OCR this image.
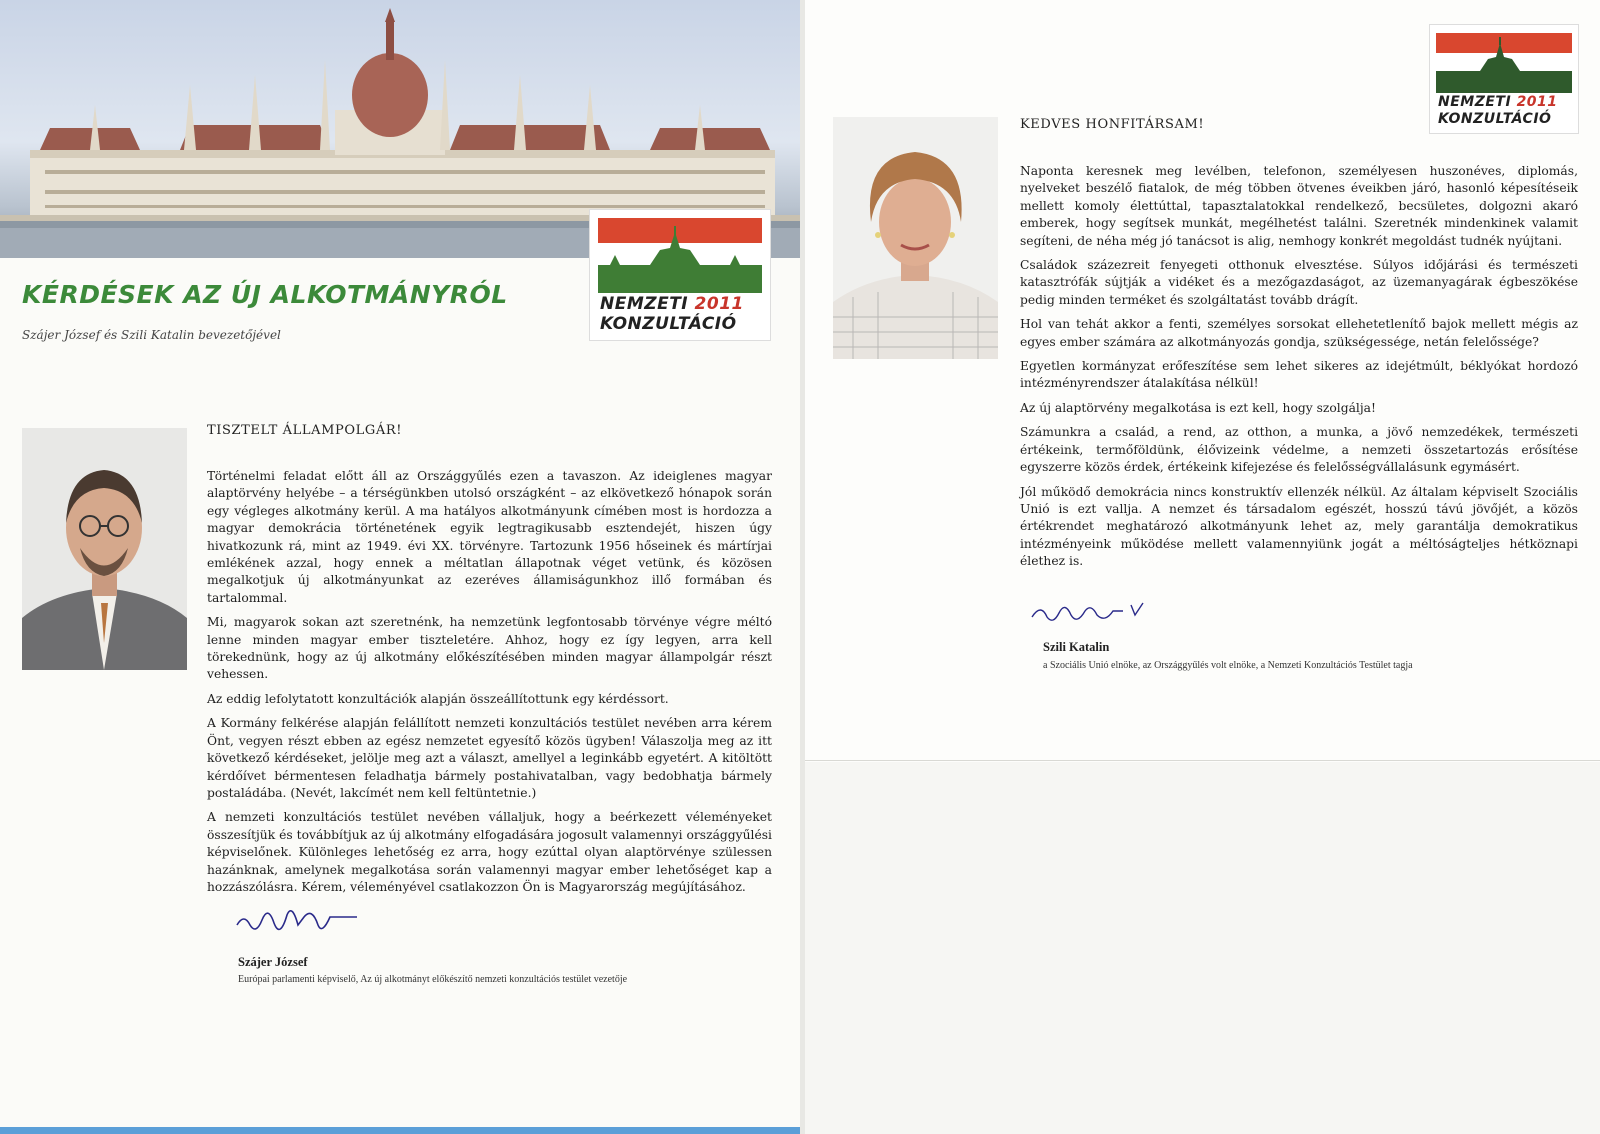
NEMZETI 2011
KONZULTÁCIÓ
KÉRDÉSEK AZ ÚJ ALKOTMÁNYRÓL
Szájer József és Szili Katalin bevezetőjével
TISZTELT ÁLLAMPOLGÁR!

Történelmi feladat előtt áll az Országgyűlés ezen a tavaszon. Az ideiglenes magyar alaptörvény helyébe – a térségünkben utolsó országként – az elkövetkező hónapok során egy végleges alkotmány kerül. A ma hatályos alkotmányunk címében most is hordozza a magyar demokrácia történetének egyik legtragikusabb esztendejét, hiszen úgy hivatkozunk rá, mint az 1949. évi XX. törvényre. Tartozunk 1956 hőseinek és mártírjai emlékének azzal, hogy ennek a méltatlan állapotnak véget vetünk, és közösen megalkotjuk új alkotmányunkat az ezeréves államiságunkhoz illő formában és tartalommal.

Mi, magyarok sokan azt szeretnénk, ha nemzetünk legfontosabb törvénye végre méltó lenne minden magyar ember tiszteletére. Ahhoz, hogy ez így legyen, arra kell törekednünk, hogy az új alkotmány előkészítésében minden magyar állampolgár részt vehessen.

Az eddig lefolytatott konzultációk alapján összeállítottunk egy kérdéssort.

A Kormány felkérése alapján felállított nemzeti konzultációs testület nevében arra kérem Önt, vegyen részt ebben az egész nemzetet egyesítő közös ügyben! Válaszolja meg az itt következő kérdéseket, jelölje meg azt a választ, amellyel a leginkább egyetért. A kitöltött kérdőívet bérmentesen feladhatja bármely postahivatalban, vagy bedobhatja bármely postaládába. (Nevét, lakcímét nem kell feltüntetnie.)

A nemzeti konzultációs testület nevében vállaljuk, hogy a beérkezett véleményeket összesítjük és továbbítjuk az új alkotmány elfogadására jogosult valamennyi országgyűlési képviselőnek. Különleges lehetőség ez arra, hogy ezúttal olyan alaptörvénye szülessen hazánknak, amelynek megalkotása során valamennyi magyar ember lehetőséget kap a hozzászólásra. Kérem, véleményével csatlakozzon Ön is Magyarország megújításához.

Szájer József
Európai parlamenti képviselő, Az új alkotmányt előkészítő nemzeti konzultációs testület vezetője
NEMZETI 2011
KONZULTÁCIÓ
KEDVES HONFITÁRSAM!

Naponta keresnek meg levélben, telefonon, személyesen huszonéves, diplomás, nyelveket beszélő fiatalok, de még többen ötvenes éveikben járó, hasonló képesítéseik mellett komoly élettúttal, tapasztalatokkal rendelkező, becsületes, dolgozni akaró emberek, hogy segítsek munkát, megélhetést találni. Szeretnék mindenkinek valamit segíteni, de néha még jó tanácsot is alig, nemhogy konkrét megoldást tudnék nyújtani.

Családok százezreit fenyegeti otthonuk elvesztése. Súlyos időjárási és természeti katasztrófák sújtják a vidéket és a mezőgazdaságot, az üzemanyagárak égbeszökése pedig minden terméket és szolgáltatást tovább drágít.

Hol van tehát akkor a fenti, személyes sorsokat ellehetetlenítő bajok mellett mégis az egyes ember számára az alkotmányozás gondja, szükségessége, netán felelőssége?

Egyetlen kormányzat erőfeszítése sem lehet sikeres az idejétmúlt, béklyókat hordozó intézményrendszer átalakítása nélkül!

Az új alaptörvény megalkotása is ezt kell, hogy szolgálja!

Számunkra a család, a rend, az otthon, a munka, a jövő nemzedékek, természeti értékeink, termőföldünk, élővizeink védelme, a nemzeti összetartozás erősítése egyszerre közös érdek, értékeink kifejezése és felelősségvállalásunk egymásért.

Jól működő demokrácia nincs konstruktív ellenzék nélkül. Az általam képviselt Szociális Unió is ezt vallja. A nemzet és társadalom egészét, hosszú távú jövőjét, a közös értékrendet meghatározó alkotmányunk lehet az, mely garantálja demokratikus intézményeink működése mellett valamennyiünk jogát a méltóságteljes hétköznapi élethez is.

Szili Katalin
a Szociális Unió elnöke, az Országgyűlés volt elnöke, a Nemzeti Konzultációs Testület tagja
